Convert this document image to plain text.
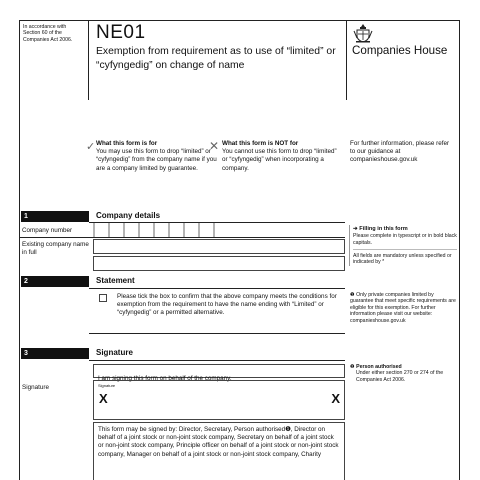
In accordance with Section 60 of the Companies Act 2006.	NE01
Exemption from requirement as to use of “limited” or “cyfyngedig” on change of name
Companies House
✓ What this form is for
You may use this form to drop “limited” or “cyfyngedig” from the company name if you are a company limited by guarantee.
✕ What this form is NOT for
You cannot use this form to drop “limited” or “cyfyngedig” when incorporating a company.
For further information, please refer to our guidance at companieshouse.gov.uk
1	Company details
Company number
Existing company name in full
➔ Filling in this form
Please complete in typescript or in bold black capitals.
All fields are mandatory unless specified or indicated by *
2	Statement
Please tick the box to confirm that the above company meets the conditions for exemption from the requirement to have the name ending with “Limited” or “cyfyngedig” or a permitted alternative.
❶ Only private companies limited by guarantee that meet specific requirements are eligible for this exemption. For further information please visit our website: companieshouse.gov.uk
3	Signature
I am signing this form on behalf of the company.
Signature	Signature
X	X
This form may be signed by: Director, Secretary, Person authorised❶, Director on behalf of a joint stock or non-joint stock company, Secretary on behalf of a joint stock or non-joint stock company, Principle officer on behalf of a joint stock or non-joint stock company, Manager on behalf of a joint stock or non-joint stock company, Charity
❷ Person authorised
Under either section 270 or 274 of the Companies Act 2006.
